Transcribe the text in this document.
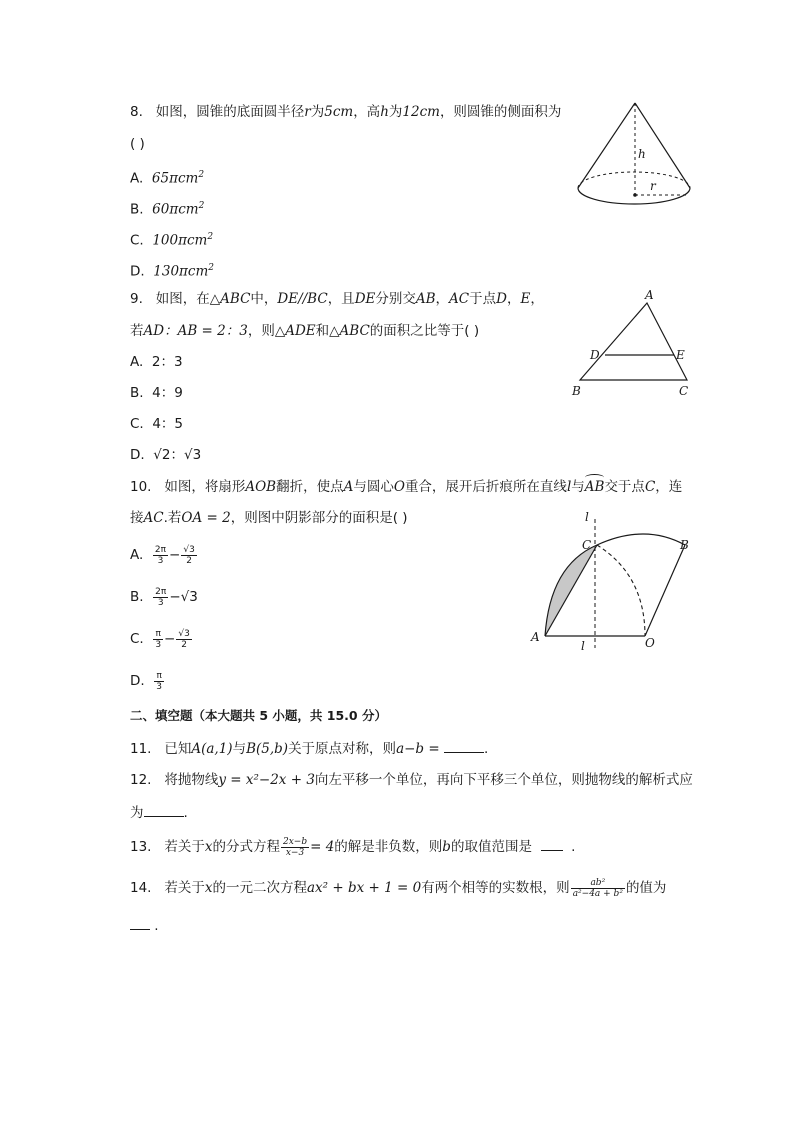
8. 如图，圆锥的底面圆半径r为5cm，高h为12cm，则圆锥的侧面积为
( )
A. 65πcm$^2$
B. 60πcm$^2$
C. 100πcm$^2$
D. 130πcm$^2$
h
r
9. 如图，在△ABC中，DE//BC，且DE分别交AB，AC于点D，E，
若AD：AB = 2：3，则△ADE和△ABC的面积之比等于( )
A. 2：3
B. 4：9
C. 4：5
D. √2：√3
A
D	E
B	C
10. 如图，将扇形AOB翻折，使点A与圆心O重合，展开后折痕所在直线l与AB交于点C，连
接AC.若OA = 2，则图中阴影部分的面积是( )
A. $\frac{2\pi}{3} - \frac{√3}{2}$
B. $\frac{2\pi}{3} -√3$
C. $\frac{\pi}{3} - \frac{√3}{2}$
D. $\frac{\pi}{3}$
l
l
C	B
A	O
二、填空题（本大题共 5 小题，共 15.0 分）
11. 已知A(a,1)与B(5,b)关于原点对称，则a−b =	.
12. 将抛物线y = x²−2x + 3向左平移一个单位，再向下平移三个单位，则抛物线的解析式应
为	.
13. 若关于x的分式方程 $\frac{2x-b}{x-3} = 4$的解是非负数，则b的取值范围是	.
14. 若关于x的一元二次方程ax² + bx + 1 = 0有两个相等的实数根，则 $\frac{\text{ab²}}{\text{a²−4a + b²}}$ 的值为
.
